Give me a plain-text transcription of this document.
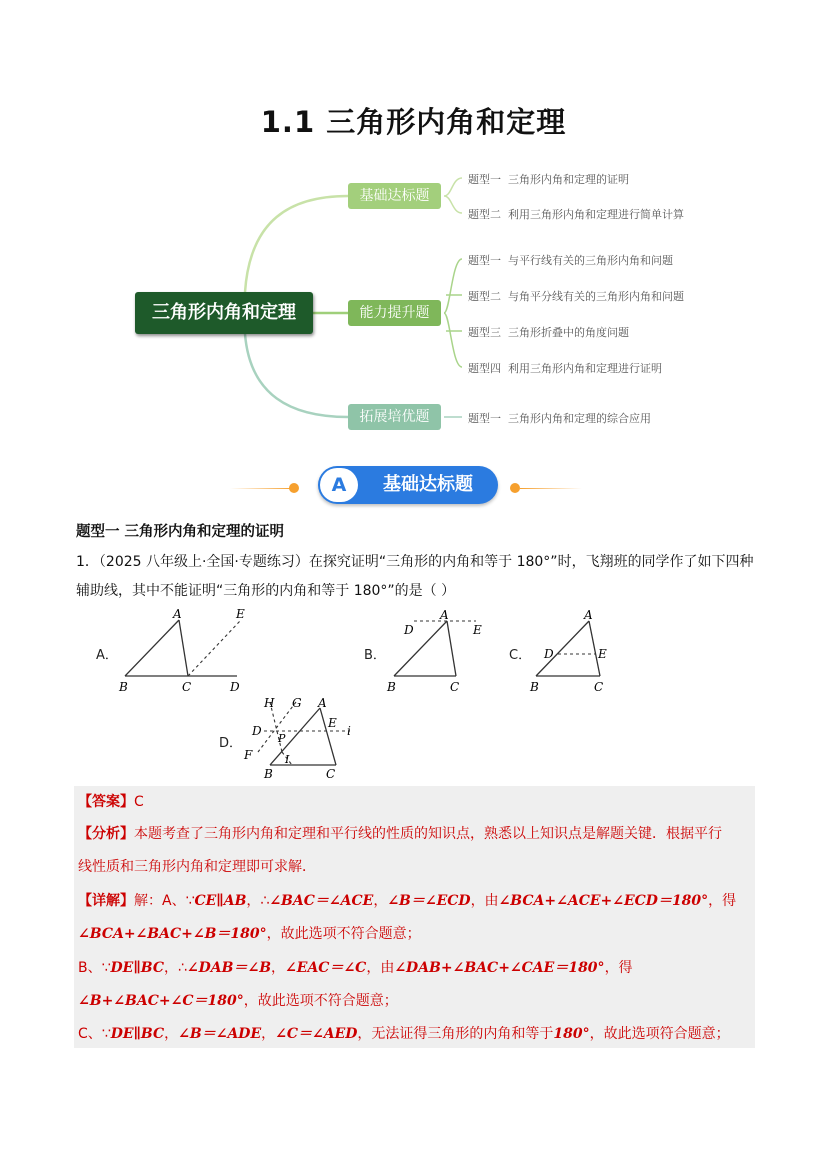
1.1 三角形内角和定理
三角形内角和定理
基础达标题
能力提升题
拓展培优题
题型一 三角形内角和定理的证明
题型二 利用三角形内角和定理进行简单计算
题型一 与平行线有关的三角形内角和问题
题型二 与角平分线有关的三角形内角和问题
题型三 三角形折叠中的角度问题
题型四 利用三角形内角和定理进行证明
题型一 三角形内角和定理的综合应用
A	基础达标题
题型一 三角形内角和定理的证明
1．（2025 八年级上·全国·专题练习）在探究证明“三角形的内角和等于 180°”时，飞翔班的同学作了如下四种
辅助线，其中不能证明“三角形的内角和等于 180°”的是（ ）
A．	B．	C．
D．
A	E
B	C	D
A
D	E
B	C
A
D	E
B	C
H G A
D
P
E
i
F	I
B	C
【答案】C
【分析】本题考查了三角形内角和定理和平行线的性质的知识点，熟悉以上知识点是解题关键．根据平行
线性质和三角形内角和定理即可求解．
【详解】解：A、∵CE∥AB，∴∠BAC＝∠ACE，∠B＝∠ECD，由∠BCA+∠ACE+∠ECD＝180°，得
∠BCA+∠BAC+∠B＝180°，故此选项不符合题意；
B、∵DE∥BC，∴∠DAB＝∠B，∠EAC＝∠C，由∠DAB+∠BAC+∠CAE＝180°，得
∠B+∠BAC+∠C＝180°，故此选项不符合题意；
C、∵DE∥BC，∠B＝∠ADE，∠C＝∠AED，无法证得三角形的内角和等于180°，故此选项符合题意；
